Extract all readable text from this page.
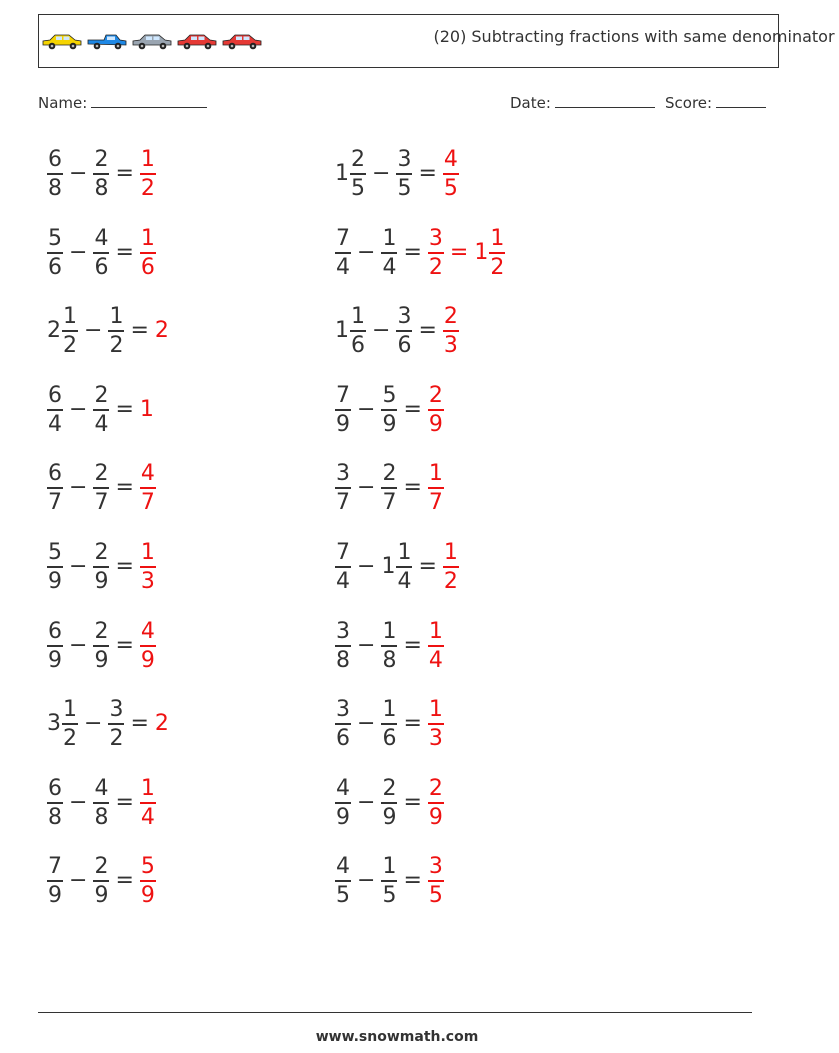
(20) Subtracting fractions with same denominator
Name:	Date:	Score:
$\frac{6}{8} - \frac{2}{8} = \frac{1}{2}$	$1 \frac{2}{5} - \frac{3}{5} = \frac{4}{5}$
$\frac{5}{6} - \frac{4}{6} = \frac{1}{6}$	$\frac{7}{4} - \frac{1}{4} = \frac{3}{2} = 1 \frac{1}{2}$
$2 \frac{1}{2} - \frac{1}{2} = 2$	$1 \frac{1}{6} - \frac{3}{6} = \frac{2}{3}$
$\frac{6}{4} - \frac{2}{4} = 1$	$\frac{7}{9} - \frac{5}{9} = \frac{2}{9}$
$\frac{6}{7} - \frac{2}{7} = \frac{4}{7}$	$\frac{3}{7} - \frac{2}{7} = \frac{1}{7}$
$\frac{5}{9} - \frac{2}{9} = \frac{1}{3}$	$\frac{7}{4} - 1 \frac{1}{4} = \frac{1}{2}$
$\frac{6}{9} - \frac{2}{9} = \frac{4}{9}$	$\frac{3}{8} - \frac{1}{8} = \frac{1}{4}$
$3 \frac{1}{2} - \frac{3}{2} = 2$	$\frac{3}{6} - \frac{1}{6} = \frac{1}{3}$
$\frac{6}{8} - \frac{4}{8} = \frac{1}{4}$	$\frac{4}{9} - \frac{2}{9} = \frac{2}{9}$
$\frac{7}{9} - \frac{2}{9} = \frac{5}{9}$	$\frac{4}{5} - \frac{1}{5} = \frac{3}{5}$
www.snowmath.com
